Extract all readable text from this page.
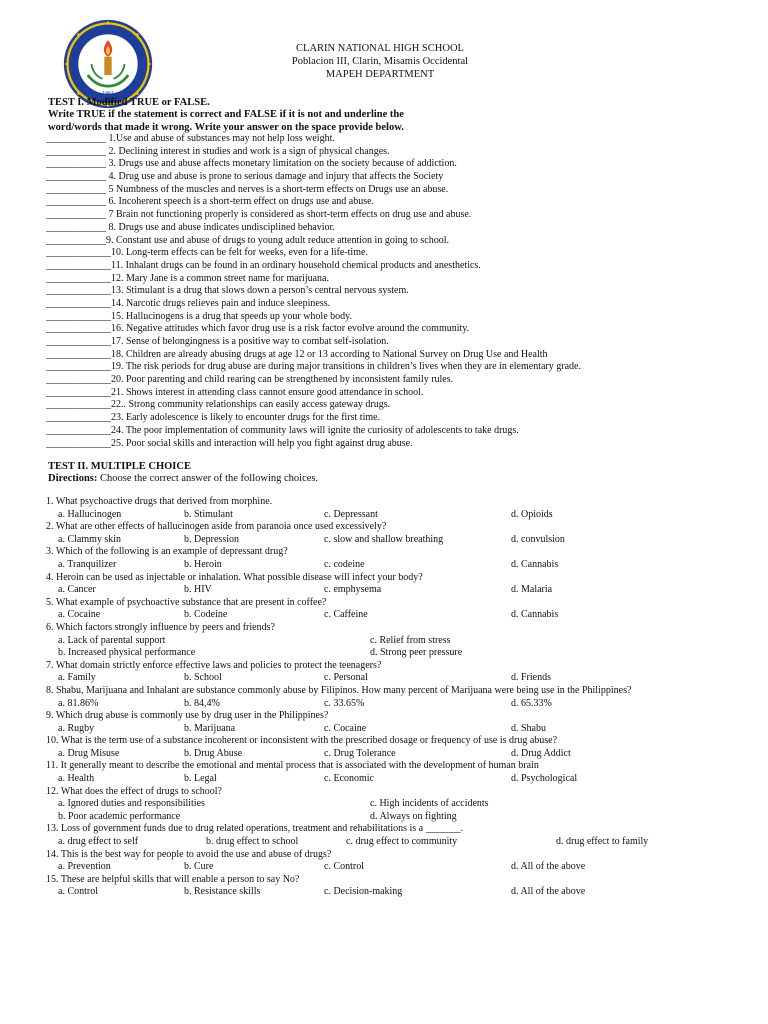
1963
CLARIN NATIONAL HIGH SCHOOL
Poblacion III, Clarin, Misamis Occidental
MAPEH DEPARTMENT
TEST I. Modified TRUE or FALSE.
Write TRUE if the statement is correct and FALSE if it is not and underline the
word/words that made it wrong. Write your answer on the space provide below.
____________ 1.Use and abuse of substances may not help loss weight.
____________ 2. Declining interest in studies and work is a sign of physical changes.
____________ 3. Drugs use and abuse affects monetary limitation on the society because of addiction.
____________ 4. Drug use and abuse is prone to serious damage and injury that affects the Society
____________ 5 Numbness of the muscles and nerves is a short-term effects on Drugs use an abuse.
____________ 6. Incoherent speech is a short-term effect on drugs use and abuse.
____________ 7 Brain not functioning properly is considered as short-term effects on drug use and abuse.
____________ 8. Drugs use and abuse indicates undisciplined behavior.
____________9. Constant use and abuse of drugs to young adult reduce attention in going to school.
_____________10. Long-term effects can be felt for weeks, even for a life-time.
_____________11. Inhalant drugs can be found in an ordinary household chemical products and anesthetics.
_____________12. Mary Jane is a common street name for marijuana.
_____________13. Stimulant is a drug that slows down a person’s central nervous system.
_____________14. Narcotic drugs relieves pain and induce sleepiness.
_____________15. Hallucinogens is a drug that speeds up your whole body.
_____________16. Negative attitudes which favor drug use is a risk factor evolve around the community.
_____________17. Sense of belongingness is a positive way to combat self-isolation.
_____________18. Children are already abusing drugs at age 12 or 13 according to National Survey on Drug Use and Health
_____________19. The risk periods for drug abuse are during major transitions in children’s lives when they are in elementary grade.
_____________20. Poor parenting and child rearing can be strengthened by inconsistent family rules.
_____________21. Shows interest in attending class cannot ensure good attendance in school.
_____________22.. Strong community relationships can easily access gateway drugs.
_____________23. Early adolescence is likely to encounter drugs for the first time.
_____________24. The poor implementation of community laws will ignite the curiosity of adolescents to take drugs.
_____________25. Poor social skills and interaction will help you fight against drug abuse.
TEST II. MULTIPLE CHOICE
Directions: Choose the correct answer of the following choices.
1. What psychoactive drugs that derived from morphine.
a. Hallucinogen	b. Stimulant	c. Depressant	d. Opioids
2. What are other effects of hallucinogen aside from paranoia once used excessively?
a. Clammy skin	b. Depression	c. slow and shallow breathing	d. convulsion
3. Which of the following is an example of depressant drug?
a. Tranquilizer	b. Heroin	c. codeine	d. Cannabis
4. Heroin can be used as injectable or inhalation. What possible disease will infect your body?
a. Cancer	b. HIV	c. emphysema	d. Malaria
5. What example of psychoactive substance that are present in coffee?
a. Cocaine	b. Codeine	c. Caffeine	d. Cannabis
6. Which factors strongly influence by peers and friends?
a. Lack of parental support	c. Relief from stress
b. Increased physical performance	d. Strong peer pressure
7. What domain strictly enforce effective laws and policies to protect the teenagers?
a. Family	b. School	c. Personal	d. Friends
8. Shabu, Marijuana and Inhalant are substance commonly abuse by Filipinos. How many percent of Marijuana were being use in the Philippines?
a. 81.86%	b. 84,4%	c. 33.65%	d. 65.33%
9. Which drug abuse is commonly use by drug user in the Philippines?
a. Rugby	b. Marijuana	c. Cocaine	d. Shabu
10. What is the term use of a substance incoherent or inconsistent with the prescribed dosage or frequency of use is drug abuse?
a. Drug Misuse	b. Drug Abuse	c. Drug Tolerance	d. Drug Addict
11. It generally meant to describe the emotional and mental process that is associated with the development of human brain
a. Health	b. Legal	c. Economic	d. Psychological
12. What does the effect of drugs to school?
a. Ignored duties and responsibilities	c. High incidents of accidents
b. Poor academic performance	d. Always on fighting
13. Loss of government funds due to drug related operations, treatment and rehabilitations is a _______.
a. drug effect to self	b. drug effect to school	c. drug effect to community	d. drug effect to family
14. This is the best way for people to avoid the use and abuse of drugs?
a. Prevention	b. Cure	c. Control	d. All of the above
15. These are helpful skills that will enable a person to say No?
a. Control	b. Resistance skills	c. Decision-making	d. All of the above
